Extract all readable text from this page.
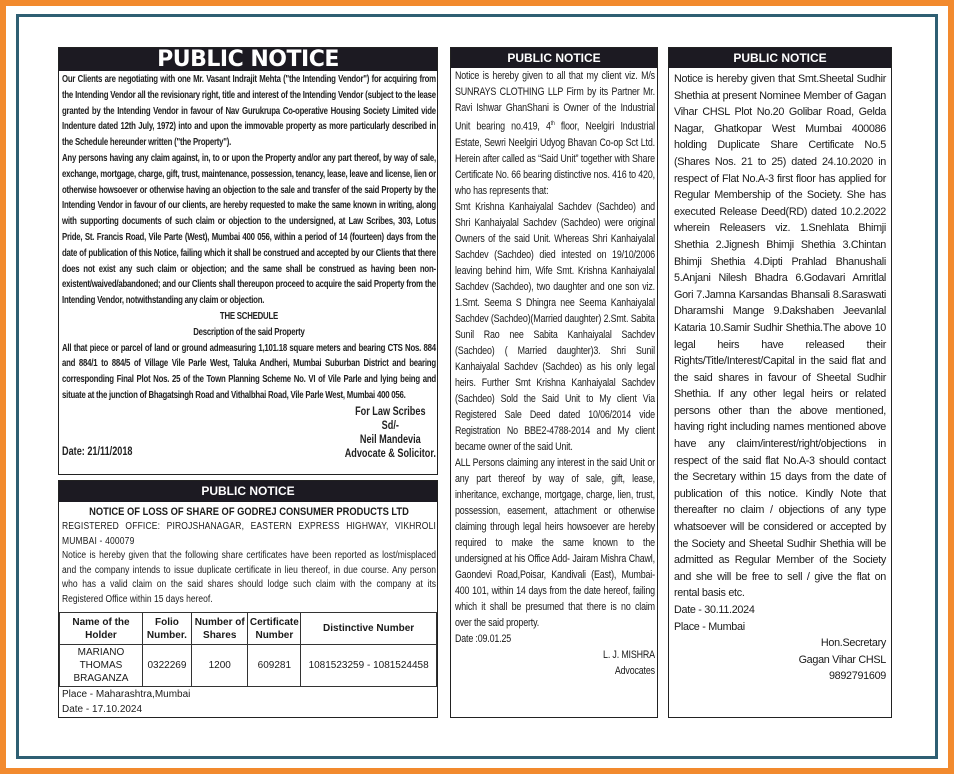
PUBLIC NOTICE

Our Clients are negotiating with one Mr. Vasant Indrajit Mehta ("the Intending Vendor") for acquiring from the Intending Vendor all the revisionary right, title and interest of the Intending Vendor (subject to the lease granted by the Intending Vendor in favour of Nav Gurukrupa Co-operative Housing Society Limited vide Indenture dated 12th July, 1972) into and upon the immovable property as more particularly described in the Schedule hereunder written ("the Property").

Any persons having any claim against, in, to or upon the Property and/or any part thereof, by way of sale, exchange, mortgage, charge, gift, trust, maintenance, possession, tenancy, lease, leave and license, lien or otherwise howsoever or otherwise having an objection to the sale and transfer of the said Property by the Intending Vendor in favour of our clients, are hereby requested to make the same known in writing, along with supporting documents of such claim or objection to the undersigned, at Law Scribes, 303, Lotus Pride, St. Francis Road, Vile Parte (West), Mumbai 400 056, within a period of 14 (fourteen) days from the date of publication of this Notice, failing which it shall be construed and accepted by our Clients that there does not exist any such claim or objection; and the same shall be construed as having been non-existent/waived/abandoned; and our Clients shall thereupon proceed to acquire the said Property from the Intending Vendor, notwithstanding any claim or objection.

THE SCHEDULE

Description of the said Property

All that piece or parcel of land or ground admeasuring 1,101.18 square meters and bearing CTS Nos. 884 and 884/1 to 884/5 of Village Vile Parle West, Taluka Andheri, Mumbai Suburban District and bearing corresponding Final Plot Nos. 25 of the Town Planning Scheme No. VI of Vile Parle and lying being and situate at the junction of Bhagatsingh Road and Vithalbhai Road, Vile Parle West, Mumbai 400 056.

Date: 21/11/2018
For Law Scribes
Sd/-
Neil Mandevia
Advocate & Solicitor.
PUBLIC NOTICE

NOTICE OF LOSS OF SHARE OF GODREJ CONSUMER PRODUCTS LTD

REGISTERED OFFICE: PIROJSHANAGAR, EASTERN EXPRESS HIGHWAY, VIKHROLI MUMBAI - 400079

Notice is hereby given that the following share certificates have been reported as lost/misplaced and the company intends to issue duplicate certificate in lieu thereof, in due course. Any person who has a valid claim on the said shares should lodge such claim with the company at its Registered Office within 15 days hereof.

Name of the Holder	Folio Number.	Number of Shares	Certificate Number	Distinctive Number
MARIANO THOMAS BRAGANZA	0322269	1200	609281	1081523259 - 1081524458
Place - Maharashtra,Mumbai
Date - 17.10.2024
PUBLIC NOTICE

Notice is hereby given to all that my client viz. M/s SUNRAYS CLOTHING LLP Firm by its Partner Mr. Ravi Ishwar GhanShani is Owner of the Industrial Unit bearing no.419, 4th floor, Neelgiri Industrial Estate, Sewri Neelgiri Udyog Bhavan Co-op Sct Ltd. Herein after called as “Said Unit” together with Share Certificate No. 66 bearing distinctive nos. 416 to 420, who has represents that:

Smt Krishna Kanhaiyalal Sachdev (Sachdeo) and Shri Kanhaiyalal Sachdev (Sachdeo) were original Owners of the said Unit. Whereas Shri Kanhaiyalal Sachdev (Sachdeo) died intested on 19/10/2006 leaving behind him, Wife Smt. Krishna Kanhaiyalal Sachdev (Sachdeo), two daughter and one son viz. 1.Smt. Seema S Dhingra nee Seema Kanhaiyalal Sachdev (Sachdeo)(Married daughter) 2.Smt. Sabita Sunil Rao nee Sabita Kanhaiyalal Sachdev (Sachdeo) ( Married daughter)3. Shri Sunil Kanhaiyalal Sachdev (Sachdeo) as his only legal heirs. Further Smt Krishna Kanhaiyalal Sachdev (Sachdeo) Sold the Said Unit to My client Via Registered Sale Deed dated 10/06/2014 vide Registration No BBE2-4788-2014 and My client became owner of the said Unit.

ALL Persons claiming any interest in the said Unit or any part thereof by way of sale, gift, lease, inheritance, exchange, mortgage, charge, lien, trust, possession, easement, attachment or otherwise claiming through legal heirs howsoever are hereby required to make the same known to the undersigned at his Office Add- Jairam Mishra Chawl, Gaondevi Road,Poisar, Kandivali (East), Mumbai- 400 101, within 14 days from the date hereof, failing which it shall be presumed that there is no claim over the said property.

Date :09.01.25

L. J. MISHRA

Advocates

PUBLIC NOTICE

Notice is hereby given that Smt.Sheetal Sudhir Shethia at present Nominee Member of Gagan Vihar CHSL Plot No.20 Golibar Road, Gelda Nagar, Ghatkopar West Mumbai 400086 holding Duplicate Share Certificate No.5 (Shares Nos. 21 to 25) dated 24.10.2020 in respect of Flat No.A-3 first floor has applied for Regular Membership of the Society. She has executed Release Deed(RD) dated 10.2.2022 wherein Releasers viz. 1.Snehlata Bhimji Shethia 2.Jignesh Bhimji Shethia 3.Chintan Bhimji Shethia 4.Dipti Prahlad Bhanushali 5.Anjani Nilesh Bhadra 6.Godavari Amritlal Gori 7.Jamna Karsandas Bhansali 8.Saraswati Dharamshi Mange 9.Dakshaben Jeevanlal Kataria 10.Samir Sudhir Shethia.The above 10 legal heirs have released their Rights/Title/Interest/Capital in the said flat and the said shares in favour of Sheetal Sudhir Shethia. If any other legal heirs or related persons other than the above mentioned, having right including names mentioned above have any claim/interest/right/objections in respect of the said flat No.A-3 should contact the Secretary within 15 days from the date of publication of this notice. Kindly Note that thereafter no claim / objections of any type whatsoever will be considered or accepted by the Society and Sheetal Sudhir Shethia will be admitted as Regular Member of the Society and she will be free to sell / give the flat on rental basis etc.

Date - 30.11.2024

Place - Mumbai

Hon.Secretary

Gagan Vihar CHSL

9892791609
